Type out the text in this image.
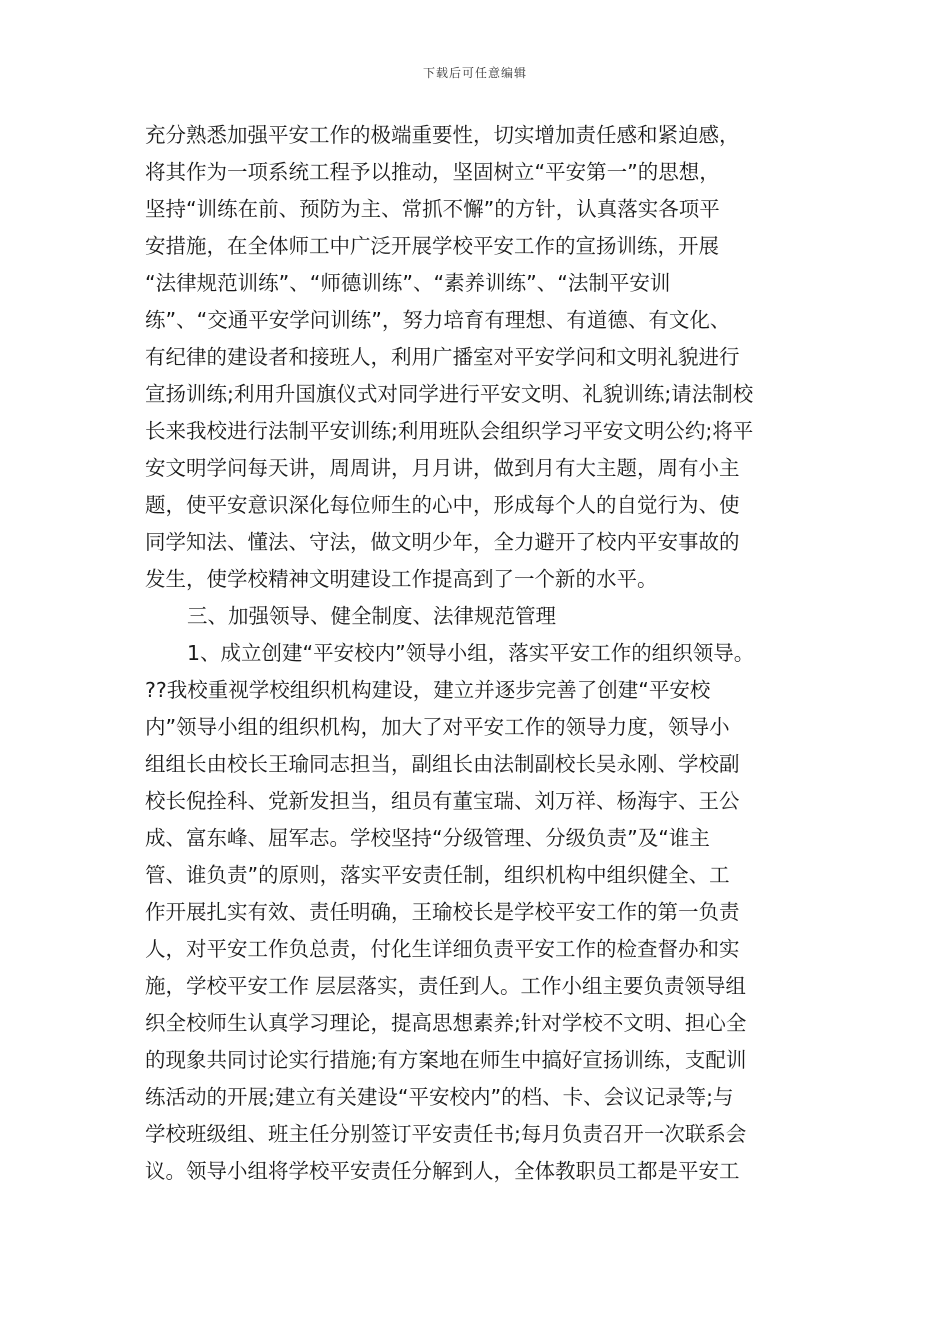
下载后可任意编辑
充分熟悉加强平安工作的极端重要性，切实增加责任感和紧迫感，
将其作为一项系统工程予以推动，坚固树立“平安第一”的思想，
坚持“训练在前、预防为主、常抓不懈”的方针，认真落实各项平
安措施，在全体师工中广泛开展学校平安工作的宣扬训练，开展
“法律规范训练”、“师德训练”、“素养训练”、“法制平安训
练”、“交通平安学问训练”，努力培育有理想、有道德、有文化、
有纪律的建设者和接班人，利用广播室对平安学问和文明礼貌进行
宣扬训练;利用升国旗仪式对同学进行平安文明、礼貌训练;请法制校
长来我校进行法制平安训练;利用班队会组织学习平安文明公约;将平
安文明学问每天讲，周周讲，月月讲，做到月有大主题，周有小主
题，使平安意识深化每位师生的心中，形成每个人的自觉行为、使
同学知法、懂法、守法，做文明少年，全力避开了校内平安事故的
发生，使学校精神文明建设工作提高到了一个新的水平。
三、加强领导、健全制度、法律规范管理
1、成立创建“平安校内”领导小组，落实平安工作的组织领导。
??我校重视学校组织机构建设，建立并逐步完善了创建“平安校
内”领导小组的组织机构，加大了对平安工作的领导力度，领导小
组组长由校长王瑜同志担当，副组长由法制副校长吴永刚、学校副
校长倪拴科、党新发担当，组员有董宝瑞、刘万祥、杨海宇、王公
成、富东峰、屈军志。学校坚持“分级管理、分级负责”及“谁主
管、谁负责”的原则，落实平安责任制，组织机构中组织健全、工
作开展扎实有效、责任明确，王瑜校长是学校平安工作的第一负责
人，对平安工作负总责，付化生详细负责平安工作的检查督办和实
施，学校平安工作 层层落实，责任到人。工作小组主要负责领导组
织全校师生认真学习理论，提高思想素养;针对学校不文明、担心全
的现象共同讨论实行措施;有方案地在师生中搞好宣扬训练，支配训
练活动的开展;建立有关建设“平安校内”的档、卡、会议记录等;与
学校班级组、班主任分别签订平安责任书;每月负责召开一次联系会
议。领导小组将学校平安责任分解到人，全体教职员工都是平安工
